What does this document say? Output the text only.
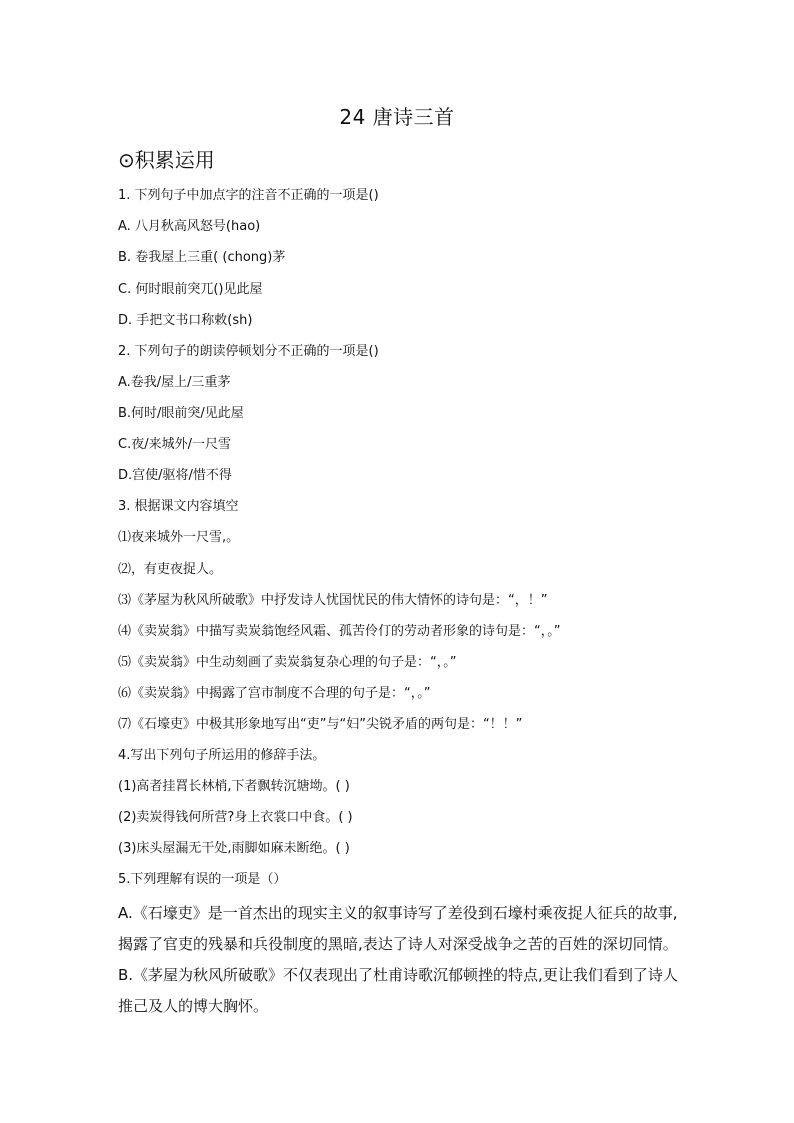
24 唐诗三首
⊙积累运用
1. 下列句子中加点字的注音不正确的一项是()
A. 八月秋高风怒号(hao)
B. 卷我屋上三重( (chong)茅
C. 何时眼前突兀()见此屋
D. 手把文书口称敕(sh)
2. 下列句子的朗读停顿划分不正确的一项是()
A.卷我/屋上/三重茅
B.何时/眼前突/见此屋
C.夜/来城外/一尺雪
D.宫使/驱将/惜不得
3. 根据课文内容填空
⑴夜来城外一尺雪,。
⑵，有吏夜捉人。
⑶《茅屋为秋风所破歌》中抒发诗人忧国忧民的伟大情怀的诗句是：“，！”
⑷《卖炭翁》中描写卖炭翁饱经风霜、孤苦伶仃的劳动者形象的诗句是：“，。”
⑸《卖炭翁》中生动刻画了卖炭翁复杂心理的句子是：“，。”
⑹《卖炭翁》中揭露了宫市制度不合理的句子是：“，。”
⑺《石壕吏》中极其形象地写出“吏”与“妇”尖锐矛盾的两句是：“！！”
4.写出下列句子所运用的修辞手法。
(1)高者挂罥长林梢,下者飘转沉塘坳。( )
(2)卖炭得钱何所营?身上衣裳口中食。( )
(3)床头屋漏无干处,雨脚如麻未断绝。( )
5.下列理解有误的一项是（）
A.《石壕吏》是一首杰出的现实主义的叙事诗写了差役到石壕村乘夜捉人征兵的故事,揭露了官吏的残暴和兵役制度的黑暗,表达了诗人对深受战争之苦的百姓的深切同情。
B.《茅屋为秋风所破歌》不仅表现出了杜甫诗歌沉郁顿挫的特点,更让我们看到了诗人推己及人的博大胸怀。
